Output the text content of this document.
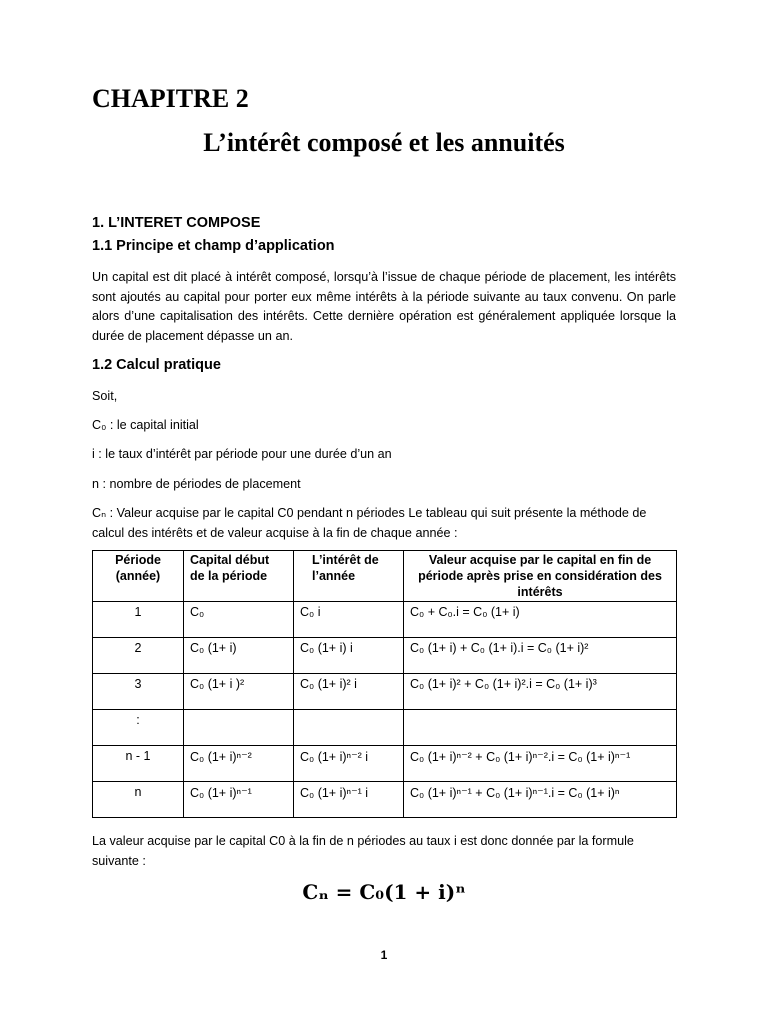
CHAPITRE 2
L’intérêt composé et les annuités
1. L’INTERET COMPOSE
1.1 Principe et champ d’application

Un capital est dit placé à intérêt composé, lorsqu’à l’issue de chaque période de placement, les intérêts sont ajoutés au capital pour porter eux même intérêts à la période suivante au taux convenu. On parle alors d’une capitalisation des intérêts. Cette dernière opération est généralement appliquée lorsque la durée de placement dépasse un an.

1.2 Calcul pratique

Soit,

C₀ : le capital initial

i : le taux d’intérêt par période pour une durée d’un an

n : nombre de périodes de placement

Cₙ : Valeur acquise par le capital C0 pendant n périodes Le tableau qui suit présente la méthode de calcul des intérêts et de valeur acquise à la fin de chaque année :

Période (année)	Capital début de la période	L’intérêt de l’année	Valeur acquise par le capital en fin de période après prise en considération des intérêts
1	C₀	C₀ i	C₀ + C₀.i = C₀ (1+ i)
2	C₀ (1+ i)	C₀ (1+ i) i	C₀ (1+ i) + C₀ (1+ i).i = C₀ (1+ i)²
3	C₀ (1+ i )²	C₀ (1+ i)² i	C₀ (1+ i)² + C₀ (1+ i)².i = C₀ (1+ i)³
:			
n - 1	C₀ (1+ i)ⁿ⁻²	C₀ (1+ i)ⁿ⁻² i	C₀ (1+ i)ⁿ⁻² + C₀ (1+ i)ⁿ⁻².i = C₀ (1+ i)ⁿ⁻¹
n	C₀ (1+ i)ⁿ⁻¹	C₀ (1+ i)ⁿ⁻¹ i	C₀ (1+ i)ⁿ⁻¹ + C₀ (1+ i)ⁿ⁻¹.i = C₀ (1+ i)ⁿ

La valeur acquise par le capital C0 à la fin de n périodes au taux i est donc donnée par la formule suivante :

Cₙ = C₀(1 + i)ⁿ

1
